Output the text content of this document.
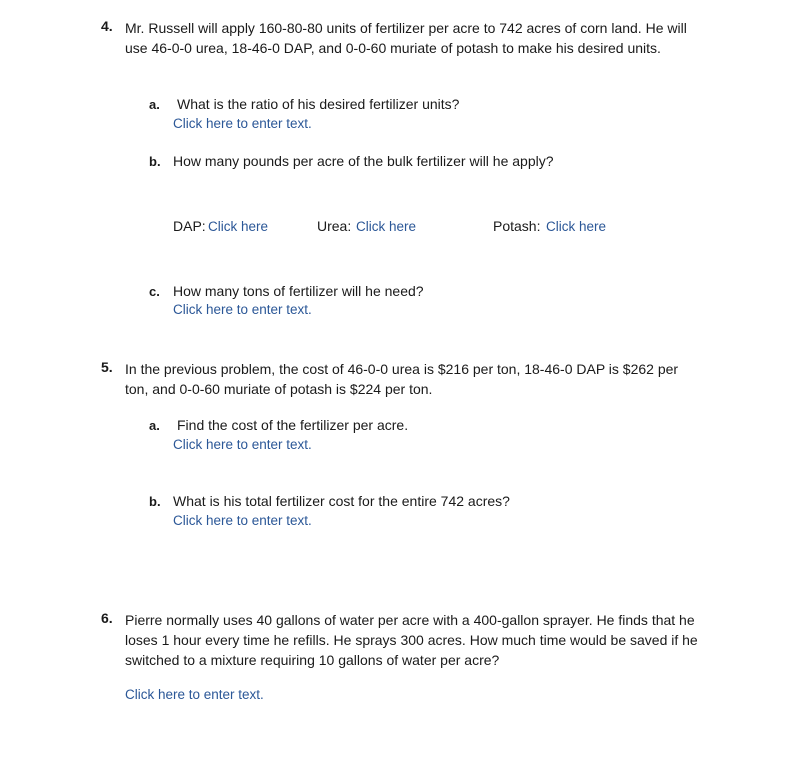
4. Mr. Russell will apply 160-80-80 units of fertilizer per acre to 742 acres of corn land. He will use 46-0-0 urea, 18-46-0 DAP, and 0-0-60 muriate of potash to make his desired units.
a. What is the ratio of his desired fertilizer units?
Click here to enter text.
b. How many pounds per acre of the bulk fertilizer will he apply?
DAP: Click here	Urea: Click here	Potash: Click here
c. How many tons of fertilizer will he need?
Click here to enter text.
5. In the previous problem, the cost of 46-0-0 urea is $216 per ton, 18-46-0 DAP is $262 per ton, and 0-0-60 muriate of potash is $224 per ton.
a. Find the cost of the fertilizer per acre.
Click here to enter text.
b. What is his total fertilizer cost for the entire 742 acres?
Click here to enter text.
6. Pierre normally uses 40 gallons of water per acre with a 400-gallon sprayer. He finds that he loses 1 hour every time he refills. He sprays 300 acres. How much time would be saved if he switched to a mixture requiring 10 gallons of water per acre?
Click here to enter text.
